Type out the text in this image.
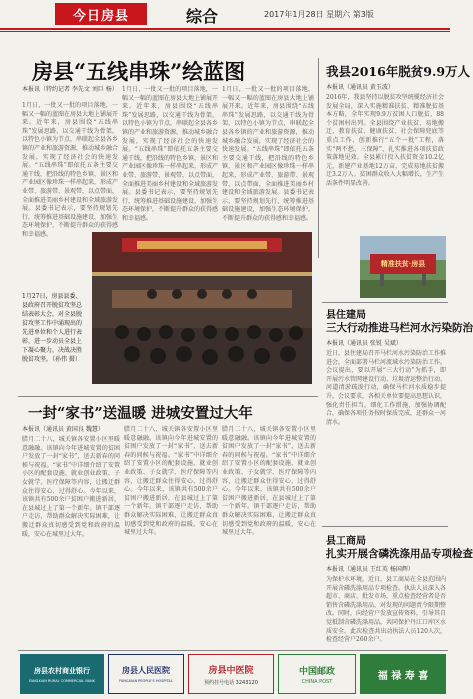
今日房县	综合	2017年1月28日 星期六 第3版
房县“五线串珠”绘蓝图
本报讯（特约记者 李先文 刘巨 杨）
1月日，一批又一批的项目落地，一幅又一幅的蓝图在房县大地上铺展开来。近年来，房县围绕“五线串珠”发展思路，以交通干线为骨架，以特色小镇为节点，串联起全县各乡镇的产业和旅游资源，推动城乡融合发展，实现了经济社会的快速发展。“五线串珠”即依托五条主要交通干线，把沿线的特色乡镇、景区和产业园区像珍珠一样串起来，形成产业带、旅游带、景观带，以点带面，全面推进美丽乡村建设和全域旅游发展。县委书记表示，要坚持规划先行，统筹推进基础设施建设，加强生态环境保护，不断提升群众的获得感和幸福感。
1月日，一批又一批的项目落地，一幅又一幅的蓝图在房县大地上铺展开来。近年来，房县围绕“五线串珠”发展思路，以交通干线为骨架，以特色小镇为节点，串联起全县各乡镇的产业和旅游资源，推动城乡融合发展，实现了经济社会的快速发展。“五线串珠”即依托五条主要交通干线，把沿线的特色乡镇、景区和产业园区像珍珠一样串起来，形成产业带、旅游带、景观带，以点带面，全面推进美丽乡村建设和全域旅游发展。县委书记表示，要坚持规划先行，统筹推进基础设施建设，加强生态环境保护，不断提升群众的获得感和幸福感。
1月日，一批又一批的项目落地，一幅又一幅的蓝图在房县大地上铺展开来。近年来，房县围绕“五线串珠”发展思路，以交通干线为骨架，以特色小镇为节点，串联起全县各乡镇的产业和旅游资源，推动城乡融合发展，实现了经济社会的快速发展。“五线串珠”即依托五条主要交通干线，把沿线的特色乡镇、景区和产业园区像珍珠一样串起来，形成产业带、旅游带、景观带，以点带面，全面推进美丽乡村建设和全域旅游发展。县委书记表示，要坚持规划先行，统筹推进基础设施建设，加强生态环境保护，不断提升群众的获得感和幸福感。
1月27日，房县县委、县政府召开脱贫攻坚总结表彰大会，对全县脱贫攻坚工作中涌现出的先进单位和个人进行表彰，进一步动员全县上下凝心聚力，决战决胜脱贫攻坚。（孙伟 摄）
我县2016年脱贫9.9万人
本报讯（通讯员 黄玉波）
2016年，我县坚持以脱贫攻坚统揽经济社会发展全局，深入实施精准扶贫、精准脱贫基本方略，全年实现9.9万贫困人口脱贫，88个贫困村出列。全县围绕产业扶贫、易地搬迁、教育扶贫、健康扶贫、社会保障兜底等重点工作，创新推行“五个一批”工程，落实“两不愁、三保障”，扎实推进各项扶贫政策落地见效。全县累计投入扶贫资金10.2亿元，新建产业基地12万亩，完成易地扶贫搬迁3.2万人。贫困群众收入大幅增长，生产生活条件明显改善。
精准扶贫·房县
县住建局
三大行动推进马栏河水污染防治
本报讯（通讯员 张锐 吴斌）
近日，县住建局召开马栏河水污染防治工作推进会，全面部署马栏河流域水污染防治工作。会议提出，要以开展“三大行动”为抓手，即开展污水管网建设行动、垃圾清运整治行动、河道清淤疏浚行动，确保马栏河水质稳步提升。会议要求，各相关单位要提高思想认识，强化责任担当，细化工作措施，加强协调配合，确保各项任务按时保质完成，还群众一河清水。
一封“家书”送温暖 进城安置过大年
本报讯（通讯员 黄国良 魏慧）
腊月二十八，城关镇各安置小区里暖意融融。该镇向今年进城安置的贫困户发放了一封“家书”，送去新春的问候与祝福。“家书”中详细介绍了安置小区的配套设施、就业创业政策、子女就学、医疗保障等内容，让搬迁群众住得安心、过得舒心。今年以来，该镇共有500余户贫困户搬进新居，在县城过上了第一个新年。镇干部逐户走访，帮助群众解决实际困难，让搬迁群众真切感受到党和政府的温暖，安心在城里过大年。
腊月二十八，城关镇各安置小区里暖意融融。该镇向今年进城安置的贫困户发放了一封“家书”，送去新春的问候与祝福。“家书”中详细介绍了安置小区的配套设施、就业创业政策、子女就学、医疗保障等内容，让搬迁群众住得安心、过得舒心。今年以来，该镇共有500余户贫困户搬进新居，在县城过上了第一个新年。镇干部逐户走访，帮助群众解决实际困难，让搬迁群众真切感受到党和政府的温暖，安心在城里过大年。
腊月二十八，城关镇各安置小区里暖意融融。该镇向今年进城安置的贫困户发放了一封“家书”，送去新春的问候与祝福。“家书”中详细介绍了安置小区的配套设施、就业创业政策、子女就学、医疗保障等内容，让搬迁群众住得安心、过得舒心。今年以来，该镇共有500余户贫困户搬进新居，在县城过上了第一个新年。镇干部逐户走访，帮助群众解决实际困难，让搬迁群众真切感受到党和政府的温暖，安心在城里过大年。
县工商局
扎实开展含磷洗涤用品专项检查
本报讯（通讯员 王红英 杨国辉）
为保护水环境，近日，县工商局在全县范围内开展含磷洗涤用品专项检查。执法人员深入各超市、商店、批发市场，重点检查经营者是否销售含磷洗涤用品，对发现的问题责令限期整改。同时，向经营户发放宣传资料，引导其自觉抵制含磷洗涤用品，共同保护丹江口库区水质安全。此次检查共出动执法人员120人次，检查经营户260余户。
房县农村商业银行
FANGXIAN RURAL COMMERCIAL BANK
房县人民医院
FANGXIAN PEOPLE'S HOSPITAL
房县中医院
预约挂号电话 3243120
中国邮政
CHINA POST	福 禄 寿 喜
